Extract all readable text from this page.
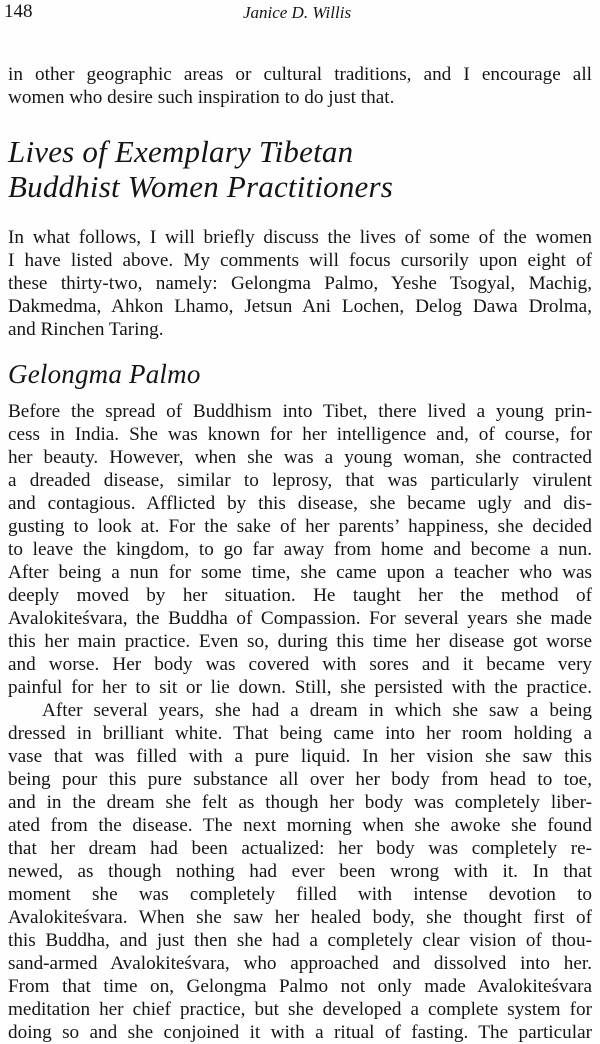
148	Janice D. Willis
in other geographic areas or cultural traditions, and I encourage all
women who desire such inspiration to do just that.
Lives of Exemplary Tibetan
Buddhist Women Practitioners
In what follows, I will briefly discuss the lives of some of the women
I have listed above. My comments will focus cursorily upon eight of
these thirty-two, namely: Gelongma Palmo, Yeshe Tsogyal, Machig,
Dakmedma, Ahkon Lhamo, Jetsun Ani Lochen, Delog Dawa Drolma,
and Rinchen Taring.
Gelongma Palmo
Before the spread of Buddhism into Tibet, there lived a young prin-
cess in India. She was known for her intelligence and, of course, for
her beauty. However, when she was a young woman, she contracted
a dreaded disease, similar to leprosy, that was particularly virulent
and contagious. Afflicted by this disease, she became ugly and dis-
gusting to look at. For the sake of her parents’ happiness, she decided
to leave the kingdom, to go far away from home and become a nun.
After being a nun for some time, she came upon a teacher who was
deeply moved by her situation. He taught her the method of
Avalokiteśvara, the Buddha of Compassion. For several years she made
this her main practice. Even so, during this time her disease got worse
and worse. Her body was covered with sores and it became very
painful for her to sit or lie down. Still, she persisted with the practice.
After several years, she had a dream in which she saw a being
dressed in brilliant white. That being came into her room holding a
vase that was filled with a pure liquid. In her vision she saw this
being pour this pure substance all over her body from head to toe,
and in the dream she felt as though her body was completely liber-
ated from the disease. The next morning when she awoke she found
that her dream had been actualized: her body was completely re-
newed, as though nothing had ever been wrong with it. In that
moment she was completely filled with intense devotion to
Avalokiteśvara. When she saw her healed body, she thought first of
this Buddha, and just then she had a completely clear vision of thou-
sand-armed Avalokiteśvara, who approached and dissolved into her.
From that time on, Gelongma Palmo not only made Avalokiteśvara
meditation her chief practice, but she developed a complete system for
doing so and she conjoined it with a ritual of fasting. The particular
